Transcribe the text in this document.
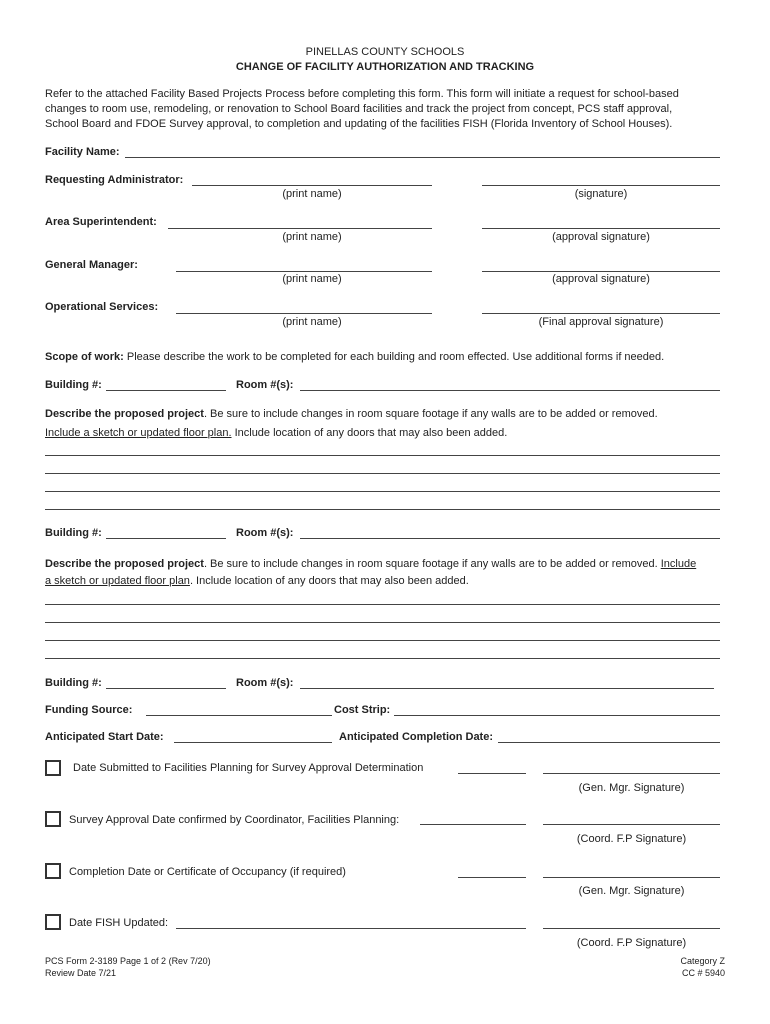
PINELLAS COUNTY SCHOOLS
CHANGE OF FACILITY AUTHORIZATION AND TRACKING
Refer to the attached Facility Based Projects Process before completing this form. This form will initiate a request for school-based
changes to room use, remodeling, or renovation to School Board facilities and track the project from concept, PCS staff approval,
School Board and FDOE Survey approval, to completion and updating of the facilities FISH (Florida Inventory of School Houses).
Facility Name:
Requesting Administrator:
(print name)	(signature)
Area Superintendent:
(print name)	(approval signature)
General Manager:
(print name)	(approval signature)
Operational Services:
(print name)	(Final approval signature)
Scope of work: Please describe the work to be completed for each building and room effected. Use additional forms if needed.
Building #:	Room #(s):
Describe the proposed project. Be sure to include changes in room square footage if any walls are to be added or removed.
Include a sketch or updated floor plan. Include location of any doors that may also been added.
Building #:	Room #(s):
Describe the proposed project. Be sure to include changes in room square footage if any walls are to be added or removed. Include
a sketch or updated floor plan. Include location of any doors that may also been added.
Building #:	Room #(s):
Funding Source:	Cost Strip:
Anticipated Start Date:	Anticipated Completion Date:
Date Submitted to Facilities Planning for Survey Approval Determination
(Gen. Mgr. Signature)
Survey Approval Date confirmed by Coordinator, Facilities Planning:
(Coord. F.P Signature)
Completion Date or Certificate of Occupancy (if required)
(Gen. Mgr. Signature)
Date FISH Updated:
(Coord. F.P Signature)
PCS Form 2-3189 Page 1 of 2 (Rev 7/20)
Review Date 7/21
Category Z
CC # 5940
